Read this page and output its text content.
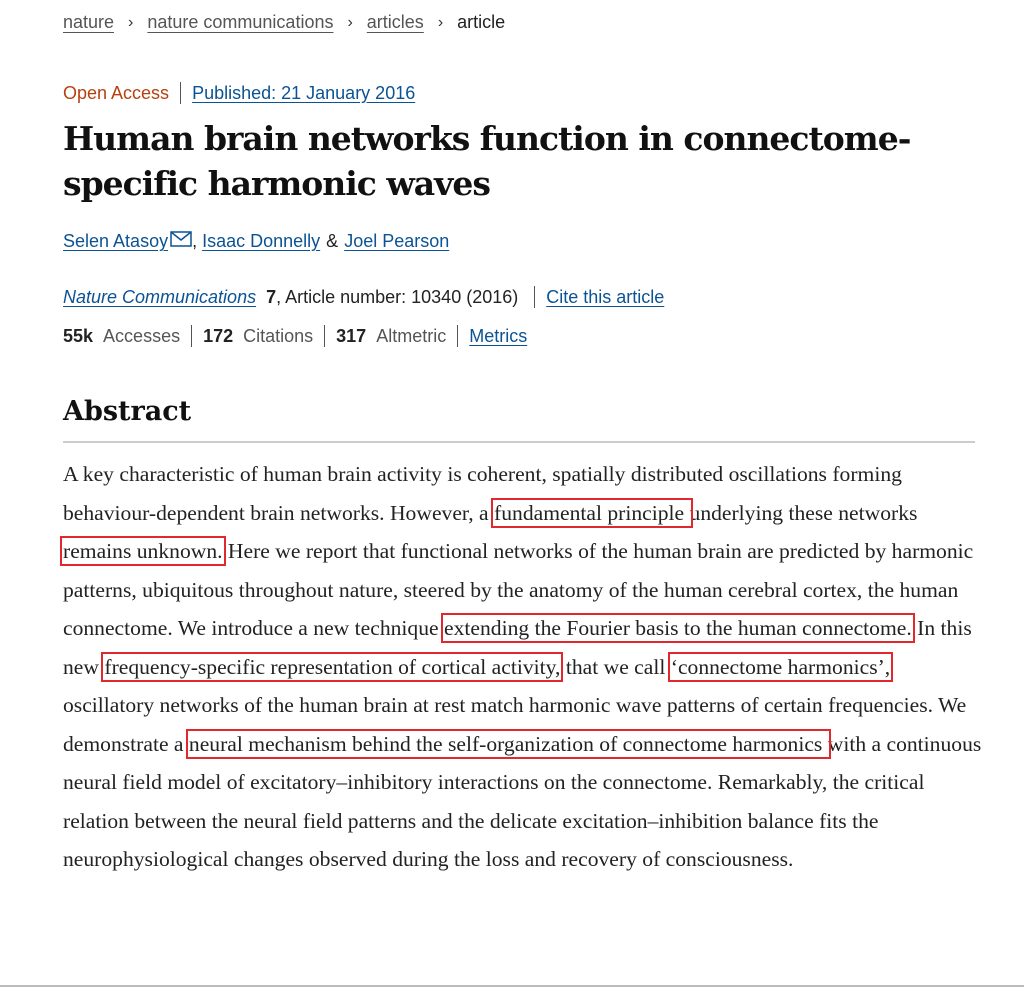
nature › nature communications › articles › article
Open Access Published: 21 January 2016
Human brain networks function in connectome-specific harmonic waves
Selen Atasoy , Isaac Donnelly & Joel Pearson
Nature Communications 7 , Article number: 10340 (2016) Cite this article
55k Accesses 172 Citations 317 Altmetric Metrics
Abstract

A key characteristic of human brain activity is coherent, spatially distributed oscillations forming behaviour-dependent brain networks. However, a fundamental principle underlying these networks remains unknown. Here we report that functional networks of the human brain are predicted by harmonic patterns, ubiquitous throughout nature, steered by the anatomy of the human cerebral cortex, the human connectome. We introduce a new technique extending the Fourier basis to the human connectome. In this new frequency-specific representation of cortical activity, that we call ‘connectome harmonics’, oscillatory networks of the human brain at rest match harmonic wave patterns of certain frequencies. We demonstrate a neural mechanism behind the self-organization of connectome harmonics with a continuous neural field model of excitatory–inhibitory interactions on the connectome. Remarkably, the critical relation between the neural field patterns and the delicate excitation–inhibition balance fits the neurophysiological changes observed during the loss and recovery of consciousness.
